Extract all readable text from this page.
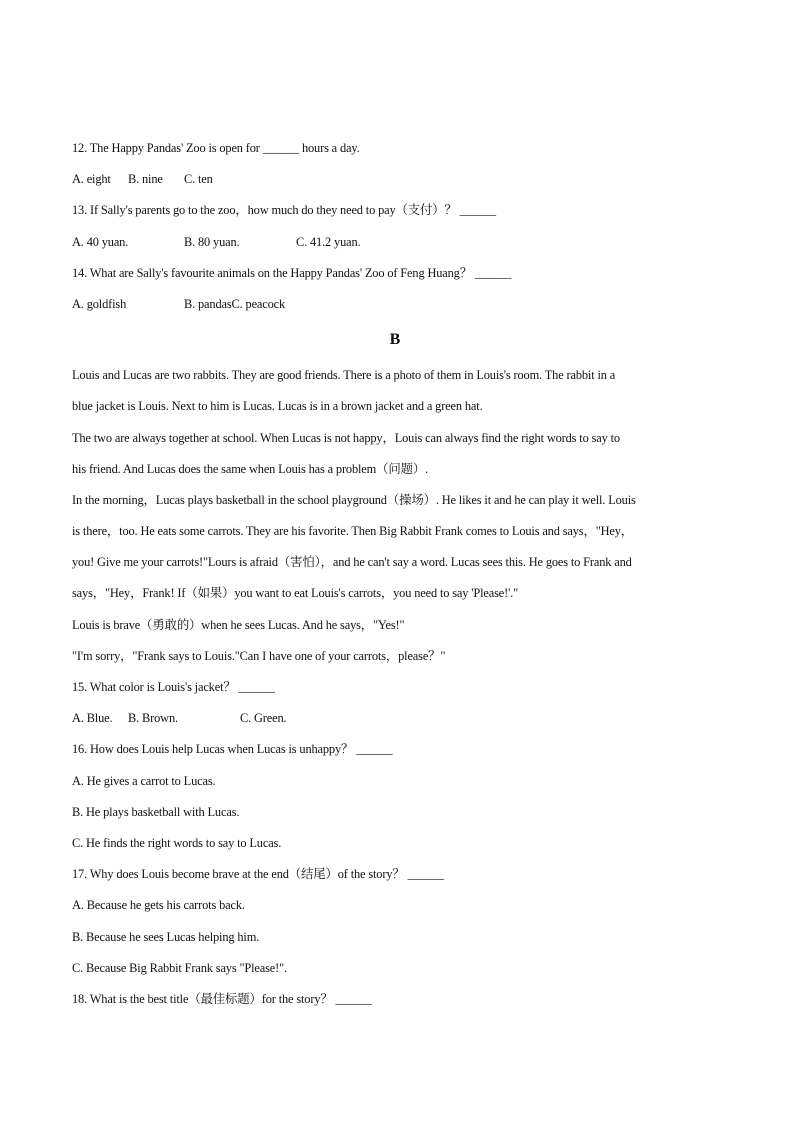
12. The Happy Pandas' Zoo is open for ______ hours a day.
A. eight B. nine C. ten
13. If Sally's parents go to the zoo，how much do they need to pay（支付）？ ______
A. 40 yuan.	B. 80 yuan.	C. 41.2 yuan.
14. What are Sally's favourite animals on the Happy Pandas' Zoo of Feng Huang？ ______
A. goldfish	B. pandasC. peacock
B
Louis and Lucas are two rabbits. They are good friends. There is a photo of them in Louis's room. The rabbit in a
blue jacket is Louis. Next to him is Lucas. Lucas is in a brown jacket and a green hat.
The two are always together at school. When Lucas is not happy，Louis can always find the right words to say to
his friend. And Lucas does the same when Louis has a problem（问题）.
In the morning，Lucas plays basketball in the school playground（操场）. He likes it and he can play it well. Louis
is there，too. He eats some carrots. They are his favorite. Then Big Rabbit Frank comes to Louis and says，"Hey，
you! Give me your carrots!"Lours is afraid（害怕），and he can't say a word. Lucas sees this. He goes to Frank and
says，"Hey，Frank! If（如果）you want to eat Louis's carrots，you need to say 'Please!'."
Louis is brave（勇敢的）when he sees Lucas. And he says，"Yes!"
"I'm sorry，"Frank says to Louis."Can I have one of your carrots，please？"
15. What color is Louis's jacket？ ______
A. Blue. B. Brown.	C. Green.
16. How does Louis help Lucas when Lucas is unhappy？ ______
A. He gives a carrot to Lucas.
B. He plays basketball with Lucas.
C. He finds the right words to say to Lucas.
17. Why does Louis become brave at the end（结尾）of the story？ ______
A. Because he gets his carrots back.
B. Because he sees Lucas helping him.
C. Because Big Rabbit Frank says "Please!".
18. What is the best title（最佳标题）for the story？ ______
